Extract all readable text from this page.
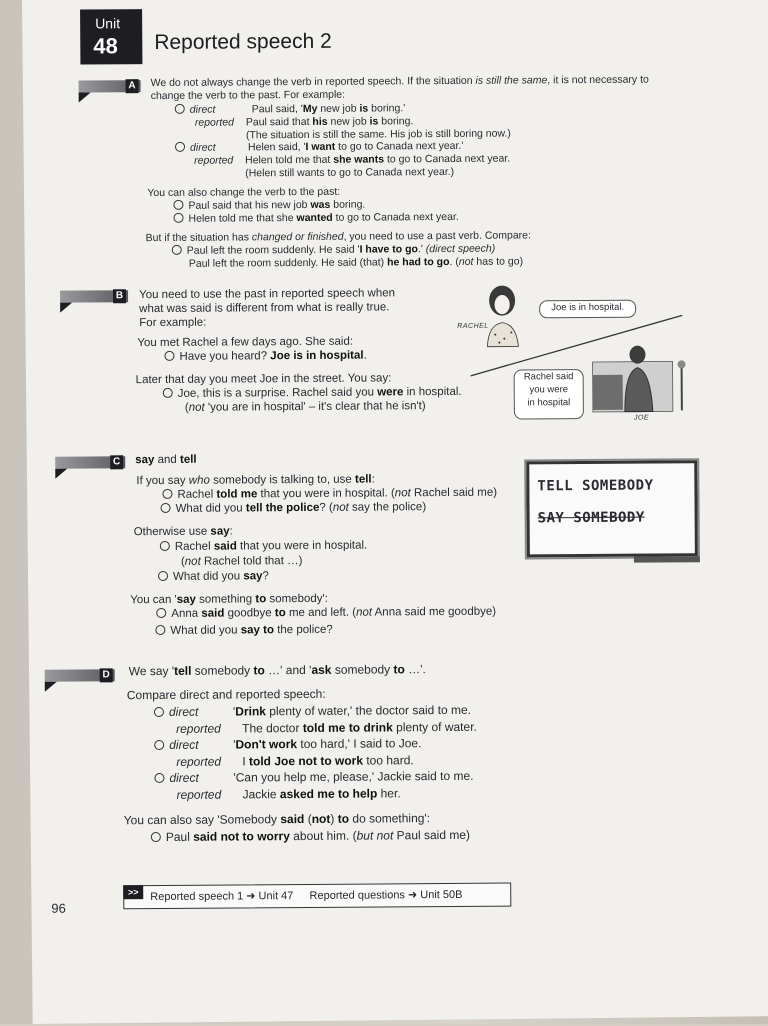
Unit
48 Reported speech 2
A We do not always change the verb in reported speech. If the situation is still the same, it is not necessary to
change the verb to the past. For example:
direct	Paul said, 'My new job is boring.'
reported Paul said that his new job is boring.
(The situation is still the same. His job is still boring now.)
direct	Helen said, 'I want to go to Canada next year.'
reported Helen told me that she wants to go to Canada next year.
(Helen still wants to go to Canada next year.)
You can also change the verb to the past:
Paul said that his new job was boring.
Helen told me that she wanted to go to Canada next year.
But if the situation has changed or finished, you need to use a past verb. Compare:
Paul left the room suddenly. He said 'I have to go.' (direct speech)
Paul left the room suddenly. He said (that) he had to go. (not has to go)
B You need to use the past in reported speech when
what was said is different from what is really true.
For example:
You met Rachel a few days ago. She said:
Have you heard? Joe is in hospital.
Later that day you meet Joe in the street. You say:
Joe, this is a surprise. Rachel said you were in hospital.
(not 'you are in hospital' – it's clear that he isn't)
RACHEL
JOE
Joe is in hospital.
Rachel said
you were
in hospital
C say and tell
If you say who somebody is talking to, use tell:
Rachel told me that you were in hospital. (not Rachel said me)
What did you tell the police? (not say the police)
Otherwise use say:
Rachel said that you were in hospital.
(not Rachel told that …)
What did you say?
You can 'say something to somebody':
Anna said goodbye to me and left. (not Anna said me goodbye)
What did you say to the police?
TELL SOMEBODY
SAY SOMEBODY
D We say 'tell somebody to …' and 'ask somebody to …'.
Compare direct and reported speech:
direct	'Drink plenty of water,' the doctor said to me.
reported The doctor told me to drink plenty of water.
direct	'Don't work too hard,' I said to Joe.
reported I told Joe not to work too hard.
direct	'Can you help me, please,' Jackie said to me.
reported Jackie asked me to help her.
You can also say 'Somebody said (not) to do something':
Paul said not to worry about him. (but not Paul said me)
>>	Reported speech 1 ➜ Unit 47 Reported questions ➜ Unit 50B
96
